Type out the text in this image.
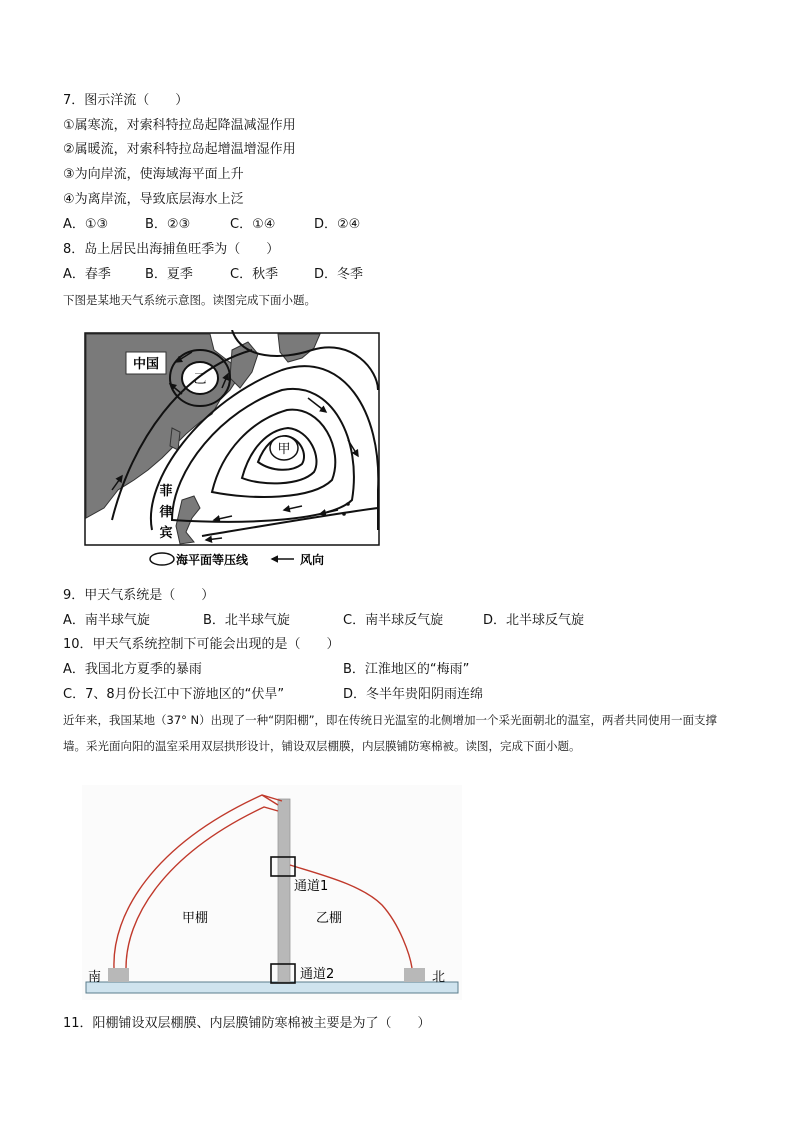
7．图示洋流（　　）
①属寒流，对索科特拉岛起降温减湿作用
②属暖流，对索科特拉岛起增温增湿作用
③为向岸流，使海域海平面上升
④为离岸流，导致底层海水上泛
A．①③	B．②③	C．①④	D．②④
8．岛上居民出海捕鱼旺季为（　　）
A．春季	B．夏季	C．秋季	D．冬季
下图是某地天气系统示意图。读图完成下面小题。
中国
乙
甲
菲
律
宾
海平面等压线	风向
9．甲天气系统是（　　）
A．南半球气旋	B．北半球气旋	C．南半球反气旋	D．北半球反气旋
10．甲天气系统控制下可能会出现的是（　　）
A．我国北方夏季的暴雨	B．江淮地区的“梅雨”
C．7、8月份长江中下游地区的“伏旱”	D．冬半年贵阳阴雨连绵
近年来，我国某地（37° N）出现了一种“阴阳棚”，即在传统日光温室的北侧增加一个采光面朝北的温室，两者共同使用一面支撑墙。采光面向阳的温室采用双层拱形设计，铺设双层棚膜，内层膜铺防寒棉被。读图，完成下面小题。
通道1
通道2
甲棚	乙棚
南	北
11．阳棚铺设双层棚膜、内层膜铺防寒棉被主要是为了（　　）
